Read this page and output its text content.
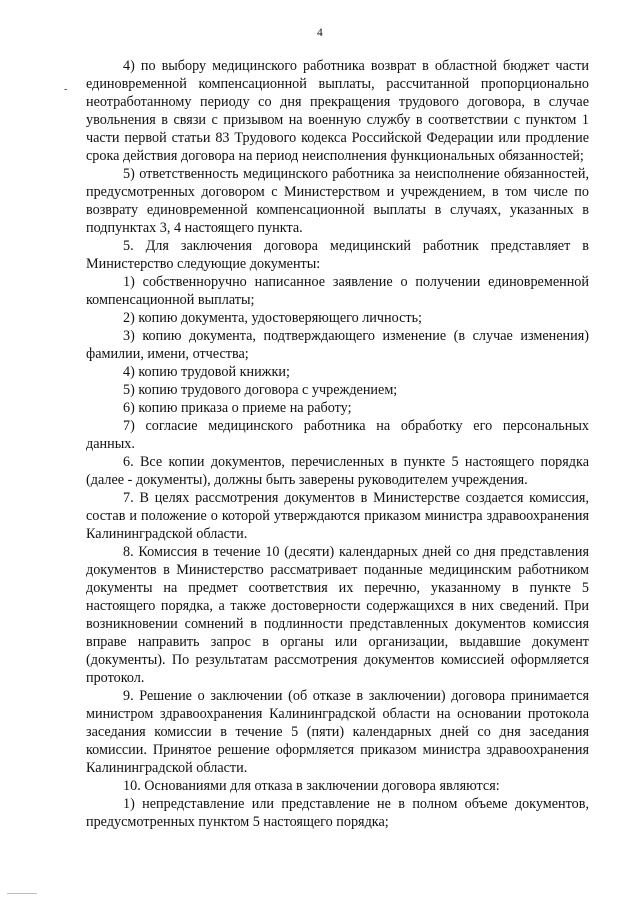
4
-

4) по выбору медицинского работника возврат в областной бюджет части единовременной компенсационной выплаты, рассчитанной пропорционально неотработанному периоду со дня прекращения трудового договора, в случае увольнения в связи с призывом на военную службу в соответствии с пунктом 1 части первой статьи 83 Трудового кодекса Российской Федерации или продление срока действия договора на период неисполнения функциональных обязанностей;

5) ответственность медицинского работника за неисполнение обязанностей, предусмотренных договором с Министерством и учреждением, в том числе по возврату единовременной компенсационной выплаты в случаях, указанных в подпунктах 3, 4 настоящего пункта.

5. Для заключения договора медицинский работник представляет в Министерство следующие документы:

1) собственноручно написанное заявление о получении единовременной компенсационной выплаты;

2) копию документа, удостоверяющего личность;

3) копию документа, подтверждающего изменение (в случае изменения) фамилии, имени, отчества;

4) копию трудовой книжки;

5) копию трудового договора с учреждением;

6) копию приказа о приеме на работу;

7) согласие медицинского работника на обработку его персональных данных.

6. Все копии документов, перечисленных в пункте 5 настоящего порядка (далее - документы), должны быть заверены руководителем учреждения.

7. В целях рассмотрения документов в Министерстве создается комиссия, состав и положение о которой утверждаются приказом министра здравоохранения Калининградской области.

8. Комиссия в течение 10 (десяти) календарных дней со дня представления документов в Министерство рассматривает поданные медицинским работником документы на предмет соответствия их перечню, указанному в пункте 5 настоящего порядка, а также достоверности содержащихся в них сведений. При возникновении сомнений в подлинности представленных документов комиссия вправе направить запрос в органы или организации, выдавшие документ (документы). По результатам рассмотрения документов комиссией оформляется протокол.

9. Решение о заключении (об отказе в заключении) договора принимается министром здравоохранения Калининградской области на основании протокола заседания комиссии в течение 5 (пяти) календарных дней со дня заседания комиссии. Принятое решение оформляется приказом министра здравоохранения Калининградской области.

10. Основаниями для отказа в заключении договора являются:

1) непредставление или представление не в полном объеме документов, предусмотренных пунктом 5 настоящего порядка;
